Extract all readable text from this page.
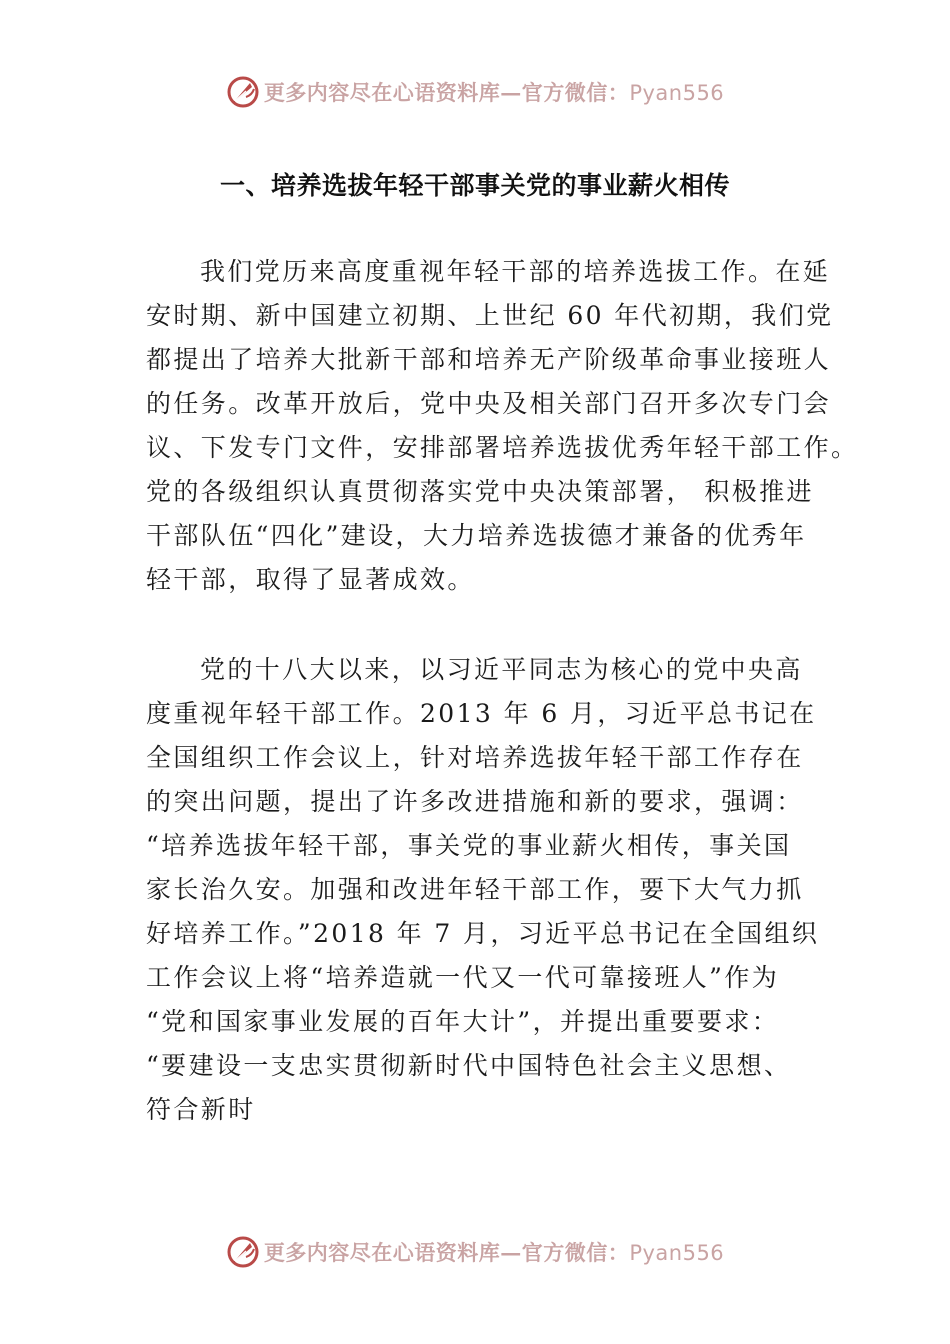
更多内容尽在心语资料库—官方微信：Pyan556
一、培养选拔年轻干部事关党的事业薪火相传
我们党历来高度重视年轻干部的培养选拔工作。在延
安时期、新中国建立初期、上世纪 60 年代初期，我们党
都提出了培养大批新干部和培养无产阶级革命事业接班人
的任务。改革开放后，党中央及相关部门召开多次专门会
议、下发专门文件，安排部署培养选拔优秀年轻干部工作。
党的各级组织认真贯彻落实党中央决策部署， 积极推进
干部队伍“四化”建设，大力培养选拔德才兼备的优秀年
轻干部，取得了显著成效。
党的十八大以来，以习近平同志为核心的党中央高
度重视年轻干部工作。2013 年 6 月，习近平总书记在
全国组织工作会议上，针对培养选拔年轻干部工作存在
的突出问题，提出了许多改进措施和新的要求，强调：
“培养选拔年轻干部，事关党的事业薪火相传，事关国
家长治久安。加强和改进年轻干部工作，要下大气力抓
好培养工作。”2018 年 7 月，习近平总书记在全国组织
工作会议上将“培养造就一代又一代可靠接班人”作为
“党和国家事业发展的百年大计”，并提出重要要求：
“要建设一支忠实贯彻新时代中国特色社会主义思想、
符合新时
更多内容尽在心语资料库—官方微信：Pyan556
